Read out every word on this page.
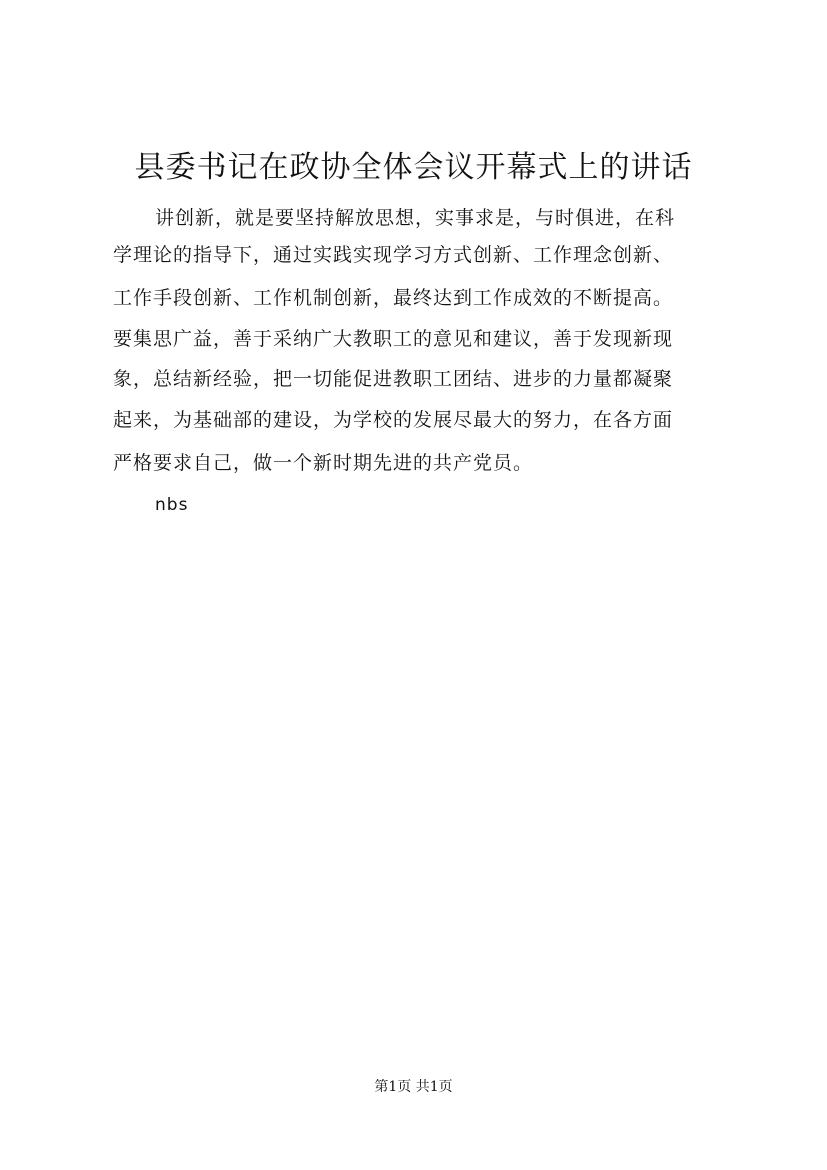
县委书记在政协全体会议开幕式上的讲话

讲创新，就是要坚持解放思想，实事求是，与时俱进，在科

学理论的指导下，通过实践实现学习方式创新、工作理念创新、

工作手段创新、工作机制创新，最终达到工作成效的不断提高。

要集思广益，善于采纳广大教职工的意见和建议，善于发现新现

象，总结新经验，把一切能促进教职工团结、进步的力量都凝聚

起来，为基础部的建设，为学校的发展尽最大的努力，在各方面

严格要求自己，做一个新时期先进的共产党员。

nbs

第1页 共1页
